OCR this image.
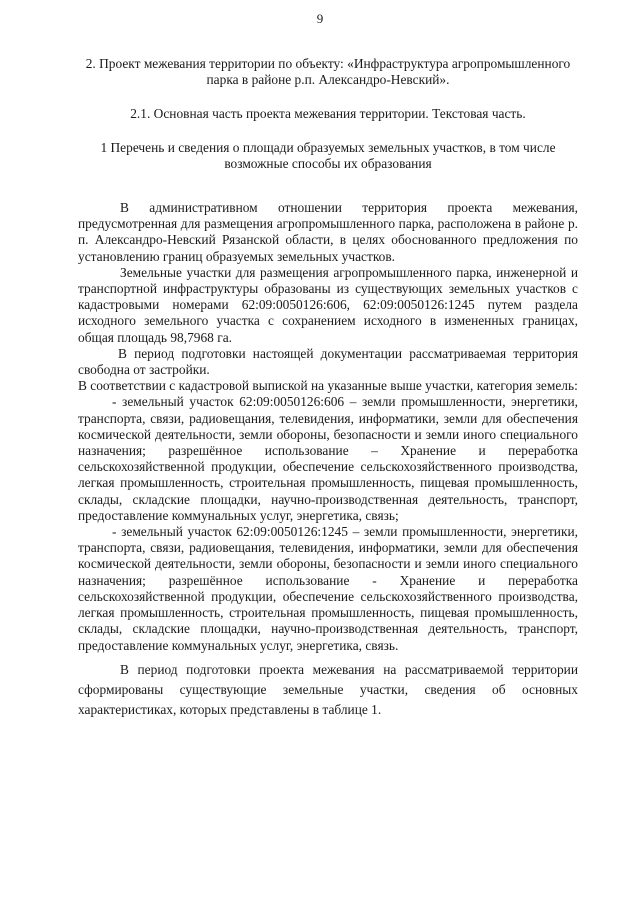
9

2. Проект межевания территории по объекту: «Инфраструктура агропромышленного парка в районе р.п. Александро-Невский».

2.1. Основная часть проекта межевания территории. Текстовая часть.

1 Перечень и сведения о площади образуемых земельных участков, в том числе возможные способы их образования

В административном отношении территория проекта межевания, предусмотренная для размещения агропромышленного парка, расположена в районе р. п. Александро-Невский Рязанской области, в целях обоснованного предложения по установлению границ образуемых земельных участков.

Земельные участки для размещения агропромышленного парка, инженерной и транспортной инфраструктуры образованы из существующих земельных участков с кадастровыми номерами 62:09:0050126:606, 62:09:0050126:1245 путем раздела исходного земельного участка с сохранением исходного в измененных границах, общая площадь 98,7968 га.

В период подготовки настоящей документации рассматриваемая территория свободна от застройки.

В соответствии с кадастровой выпиской на указанные выше участки, категория земель:

- земельный участок 62:09:0050126:606 – земли промышленности, энергетики, транспорта, связи, радиовещания, телевидения, информатики, земли для обеспечения космической деятельности, земли обороны, безопасности и земли иного специального назначения; разрешённое использование – Хранение и переработка сельскохозяйственной продукции, обеспечение сельскохозяйственного производства, легкая промышленность, строительная промышленность, пищевая промышленность, склады, складские площадки, научно-производственная деятельность, транспорт, предоставление коммунальных услуг, энергетика, связь;

- земельный участок 62:09:0050126:1245 – земли промышленности, энергетики, транспорта, связи, радиовещания, телевидения, информатики, земли для обеспечения космической деятельности, земли обороны, безопасности и земли иного специального назначения; разрешённое использование - Хранение и переработка сельскохозяйственной продукции, обеспечение сельскохозяйственного производства, легкая промышленность, строительная промышленность, пищевая промышленность, склады, складские площадки, научно-производственная деятельность, транспорт, предоставление коммунальных услуг, энергетика, связь.

В период подготовки проекта межевания на рассматриваемой территории сформированы существующие земельные участки, сведения об основных характеристиках, которых представлены в таблице 1.
